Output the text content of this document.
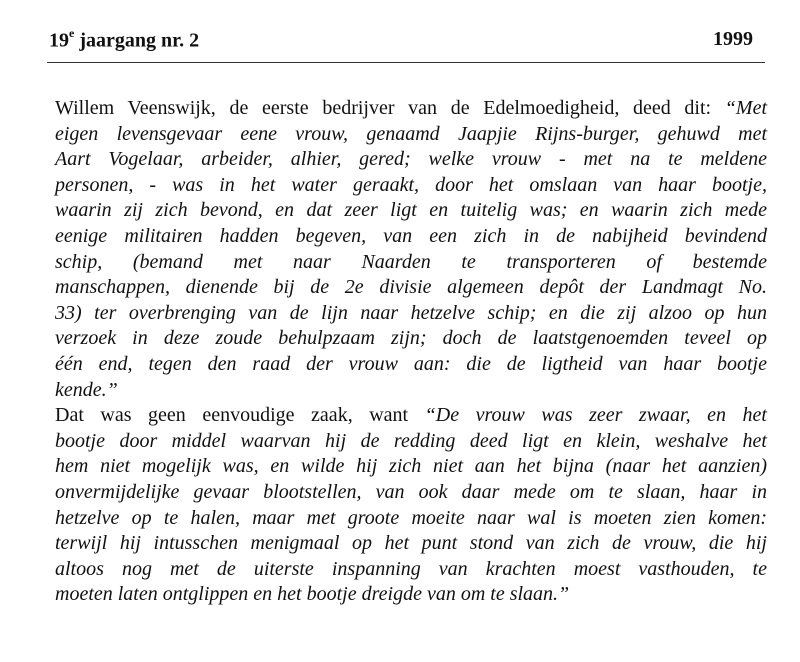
19e jaargang nr. 2	1999
Willem Veenswijk, de eerste bedrijver van de Edelmoedigheid, deed dit: “Met
eigen levensgevaar eene vrouw, genaamd Jaapjie Rijns-burger, gehuwd met
Aart Vogelaar, arbeider, alhier, gered; welke vrouw - met na te meldene
personen, - was in het water geraakt, door het omslaan van haar bootje,
waarin zij zich bevond, en dat zeer ligt en tuitelig was; en waarin zich mede
eenige militairen hadden begeven, van een zich in de nabijheid bevindend
schip, (bemand met naar Naarden te transporteren of bestemde
manschappen, dienende bij de 2e divisie algemeen depôt der Landmagt No.
33) ter overbrenging van de lijn naar hetzelve schip; en die zij alzoo op hun
verzoek in deze zoude behulpzaam zijn; doch de laatstgenoemden teveel op
één end, tegen den raad der vrouw aan: die de ligtheid van haar bootje
kende.”
Dat was geen eenvoudige zaak, want “De vrouw was zeer zwaar, en het
bootje door middel waarvan hij de redding deed ligt en klein, weshalve het
hem niet mogelijk was, en wilde hij zich niet aan het bijna (naar het aanzien)
onvermijdelijke gevaar blootstellen, van ook daar mede om te slaan, haar in
hetzelve op te halen, maar met groote moeite naar wal is moeten zien komen:
terwijl hij intusschen menigmaal op het punt stond van zich de vrouw, die hij
altoos nog met de uiterste inspanning van krachten moest vasthouden, te
moeten laten ontglippen en het bootje dreigde van om te slaan.”
